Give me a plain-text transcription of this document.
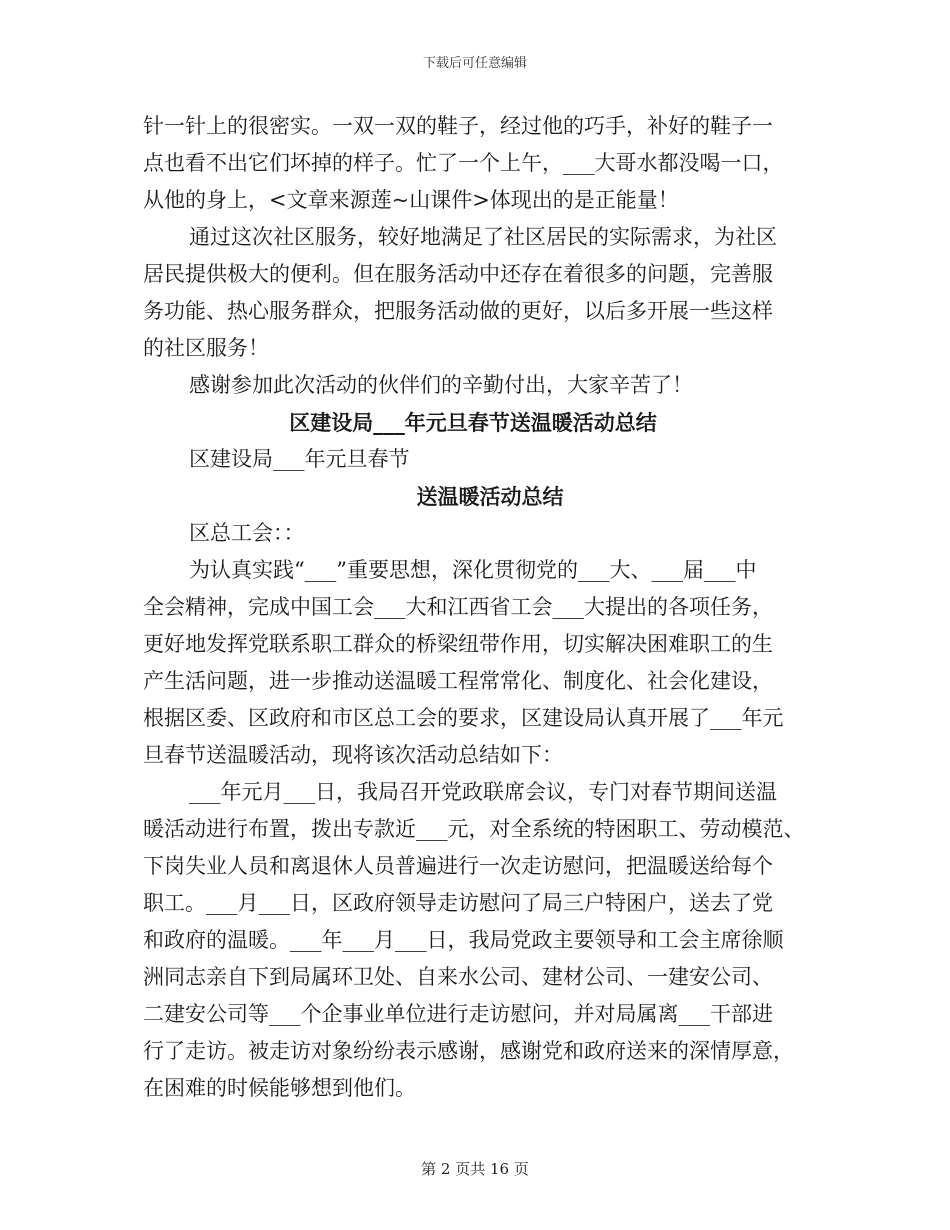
下载后可任意编辑
针一针上的很密实。一双一双的鞋子，经过他的巧手，补好的鞋子一
点也看不出它们坏掉的样子。忙了一个上午，___大哥水都没喝一口，
从他的身上，<文章来源莲~山课件>体现出的是正能量！
通过这次社区服务，较好地满足了社区居民的实际需求，为社区
居民提供极大的便利。但在服务活动中还存在着很多的问题，完善服
务功能、热心服务群众，把服务活动做的更好，以后多开展一些这样
的社区服务！
感谢参加此次活动的伙伴们的辛勤付出，大家辛苦了！
区建设局___年元旦春节送温暖活动总结
区建设局___年元旦春节
送温暖活动总结
区总工会：：
为认真实践“___”重要思想，深化贯彻党的___大、___届___中
全会精神，完成中国工会___大和江西省工会___大提出的各项任务，
更好地发挥党联系职工群众的桥梁纽带作用，切实解决困难职工的生
产生活问题，进一步推动送温暖工程常常化、制度化、社会化建设，
根据区委、区政府和市区总工会的要求，区建设局认真开展了___年元
旦春节送温暖活动，现将该次活动总结如下：
___年元月___日，我局召开党政联席会议，专门对春节期间送温
暖活动进行布置，拨出专款近___元，对全系统的特困职工、劳动模范、
下岗失业人员和离退休人员普遍进行一次走访慰问，把温暖送给每个
职工。___月___日，区政府领导走访慰问了局三户特困户，送去了党
和政府的温暖。___年___月___日，我局党政主要领导和工会主席徐顺
洲同志亲自下到局属环卫处、自来水公司、建材公司、一建安公司、
二建安公司等___个企事业单位进行走访慰问，并对局属离___干部进
行了走访。被走访对象纷纷表示感谢，感谢党和政府送来的深情厚意，
在困难的时候能够想到他们。
第 2 页共 16 页
